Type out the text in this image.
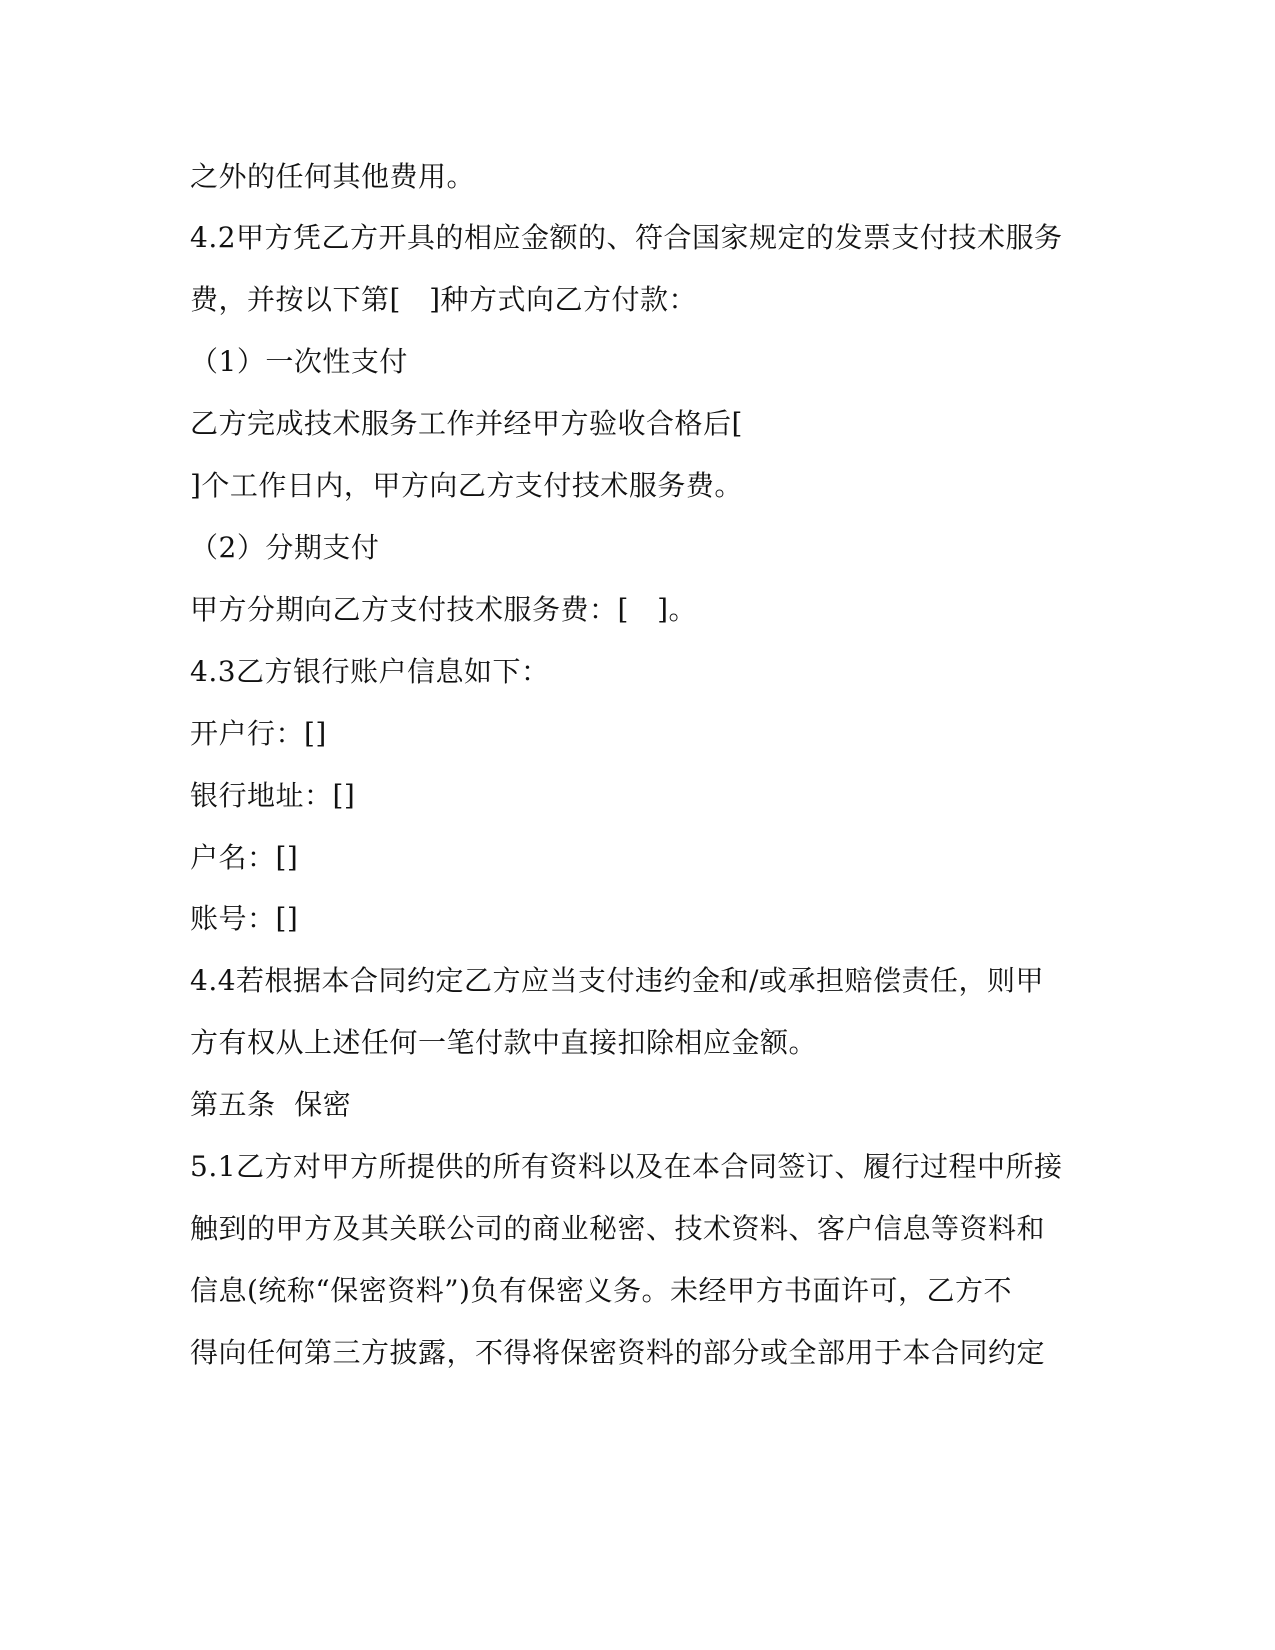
之外的任何其他费用。

4.2甲方凭乙方开具的相应金额的、符合国家规定的发票支付技术服务

费，并按以下第[   ]种方式向乙方付款：

（1）一次性支付

乙方完成技术服务工作并经甲方验收合格后[

]个工作日内，甲方向乙方支付技术服务费。

（2）分期支付

甲方分期向乙方支付技术服务费：[   ]。

4.3乙方银行账户信息如下：

开户行：[]

银行地址：[]

户名：[]

账号：[]

4.4若根据本合同约定乙方应当支付违约金和/或承担赔偿责任，则甲

方有权从上述任何一笔付款中直接扣除相应金额。

第五条  保密

5.1乙方对甲方所提供的所有资料以及在本合同签订、履行过程中所接

触到的甲方及其关联公司的商业秘密、技术资料、客户信息等资料和

信息(统称“保密资料”)负有保密义务。未经甲方书面许可，乙方不

得向任何第三方披露，不得将保密资料的部分或全部用于本合同约定
